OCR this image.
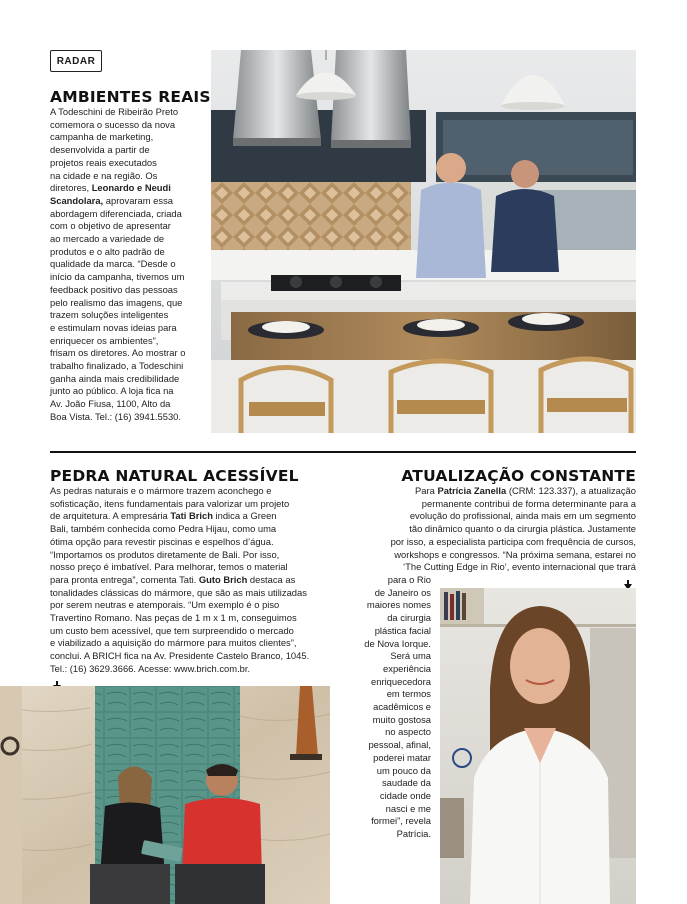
RADAR
AMBIENTES REAIS

A Todeschini de Ribeirão Preto

comemora o sucesso da nova

campanha de marketing,

desenvolvida a partir de

projetos reais executados

na cidade e na região. Os

diretores, Leonardo e Neudi

Scandolara, aprovaram essa

abordagem diferenciada, criada

com o objetivo de apresentar

ao mercado a variedade de

produtos e o alto padrão de

qualidade da marca. “Desde o

início da campanha, tivemos um

feedback positivo das pessoas

pelo realismo das imagens, que

trazem soluções inteligentes

e estimulam novas ideias para

enriquecer os ambientes”,

frisam os diretores. Ao mostrar o

trabalho finalizado, a Todeschini

ganha ainda mais credibilidade

junto ao público. A loja fica na

Av. João Fiusa, 1100, Alto da

Boa Vista. Tel.: (16) 3941.5530.

PEDRA NATURAL ACESSÍVEL

As pedras naturais e o mármore trazem aconchego e

sofisticação, itens fundamentais para valorizar um projeto

de arquitetura. A empresária Tati Brich indica a Green

Bali, também conhecida como Pedra Hijau, como uma

ótima opção para revestir piscinas e espelhos d’água.

“Importamos os produtos diretamente de Bali. Por isso,

nosso preço é imbatível. Para melhorar, temos o material

para pronta entrega”, comenta Tati. Guto Brich destaca as

tonalidades clássicas do mármore, que são as mais utilizadas

por serem neutras e atemporais. “Um exemplo é o piso

Travertino Romano. Nas peças de 1 m x 1 m, conseguimos

um custo bem acessível, que tem surpreendido o mercado

e viabilizado a aquisição do mármore para muitos clientes”,

conclui. A BRICH fica na Av. Presidente Castelo Branco, 1045.

Tel.: (16) 3629.3666. Acesse: www.brich.com.br.

ATUALIZAÇÃO CONSTANTE

Para Patrícia Zanella (CRM: 123.337), a atualização

permanente contribui de forma determinante para a

evolução do profissional, ainda mais em um segmento

tão dinâmico quanto o da cirurgia plástica. Justamente

por isso, a especialista participa com frequência de cursos,

workshops e congressos. “Na próxima semana, estarei no

‘The Cutting Edge in Rio’, evento internacional que trará

para o Rio

de Janeiro os

maiores nomes

da cirurgia

plástica facial

de Nova Iorque.

Será uma

experiência

enriquecedora

em termos

acadêmicos e

muito gostosa

no aspecto

pessoal, afinal,

poderei matar

um pouco da

saudade da

cidade onde

nasci e me

formei”, revela

Patrícia.
